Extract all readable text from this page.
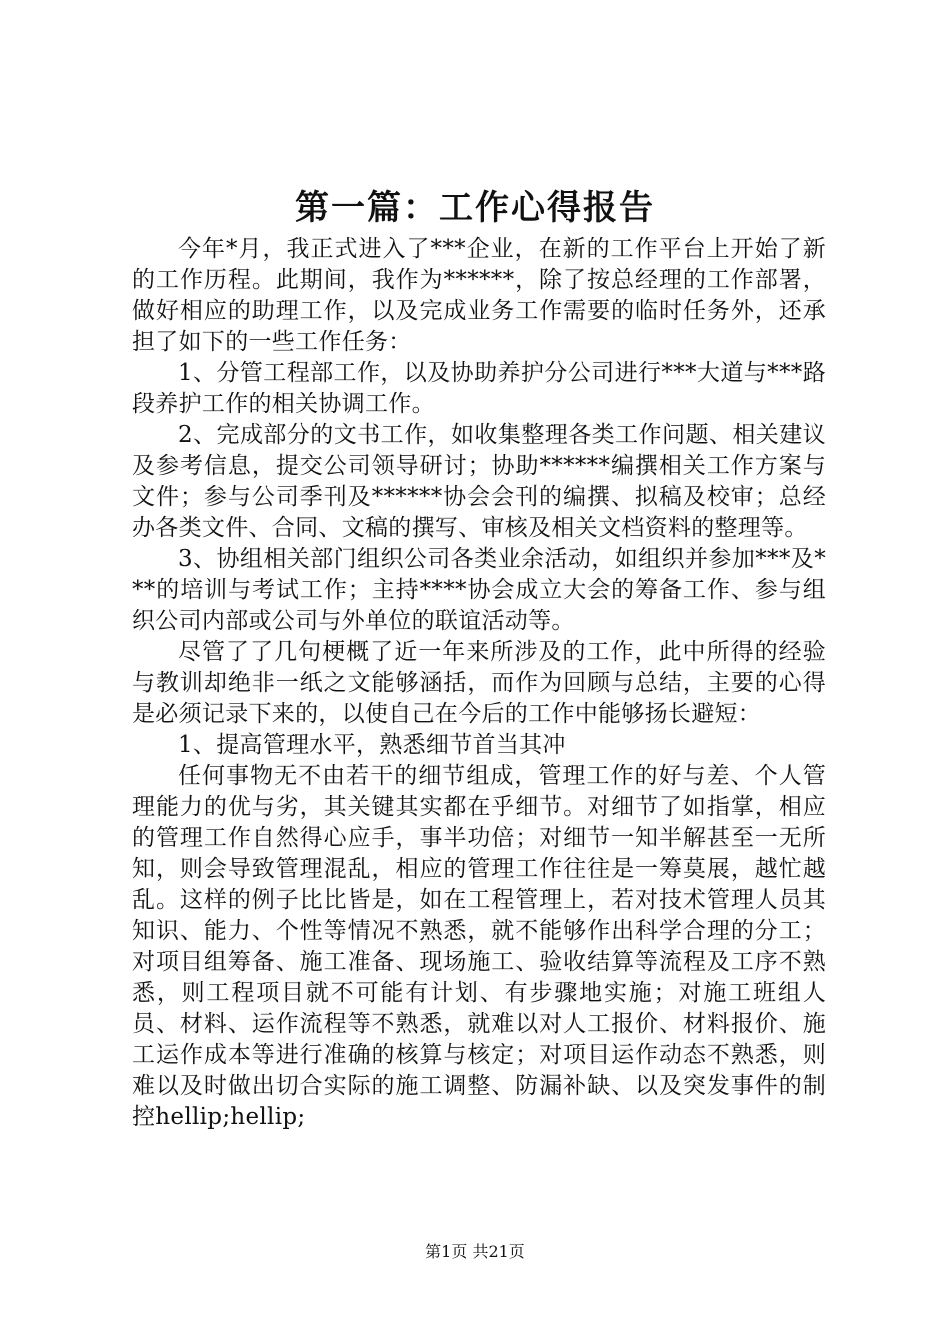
第一篇：工作心得报告

今年*月，我正式进入了***企业，在新的工作平台上开始了新的工作历程。此期间，我作为******，除了按总经理的工作部署，做好相应的助理工作，以及完成业务工作需要的临时任务外，还承担了如下的一些工作任务：

1、分管工程部工作，以及协助养护分公司进行***大道与***路段养护工作的相关协调工作。

2、完成部分的文书工作，如收集整理各类工作问题、相关建议及参考信息，提交公司领导研讨；协助******编撰相关工作方案与文件；参与公司季刊及******协会会刊的编撰、拟稿及校审；总经办各类文件、合同、文稿的撰写、审核及相关文档资料的整理等。

3、协组相关部门组织公司各类业余活动，如组织并参加***及***的培训与考试工作；主持****协会成立大会的筹备工作、参与组织公司内部或公司与外单位的联谊活动等。

尽管了了几句梗概了近一年来所涉及的工作，此中所得的经验与教训却绝非一纸之文能够涵括，而作为回顾与总结，主要的心得是必须记录下来的，以使自己在今后的工作中能够扬长避短：

1、提高管理水平，熟悉细节首当其冲

任何事物无不由若干的细节组成，管理工作的好与差、个人管理能力的优与劣，其关键其实都在乎细节。对细节了如指掌，相应的管理工作自然得心应手，事半功倍；对细节一知半解甚至一无所知，则会导致管理混乱，相应的管理工作往往是一筹莫展，越忙越乱。这样的例子比比皆是，如在工程管理上，若对技术管理人员其知识、能力、个性等情况不熟悉，就不能够作出科学合理的分工；对项目组筹备、施工准备、现场施工、验收结算等流程及工序不熟悉，则工程项目就不可能有计划、有步骤地实施；对施工班组人员、材料、运作流程等不熟悉，就难以对人工报价、材料报价、施工运作成本等进行准确的核算与核定；对项目运作动态不熟悉，则难以及时做出切合实际的施工调整、防漏补缺、以及突发事件的制控hellip;hellip;

第1页 共21页
